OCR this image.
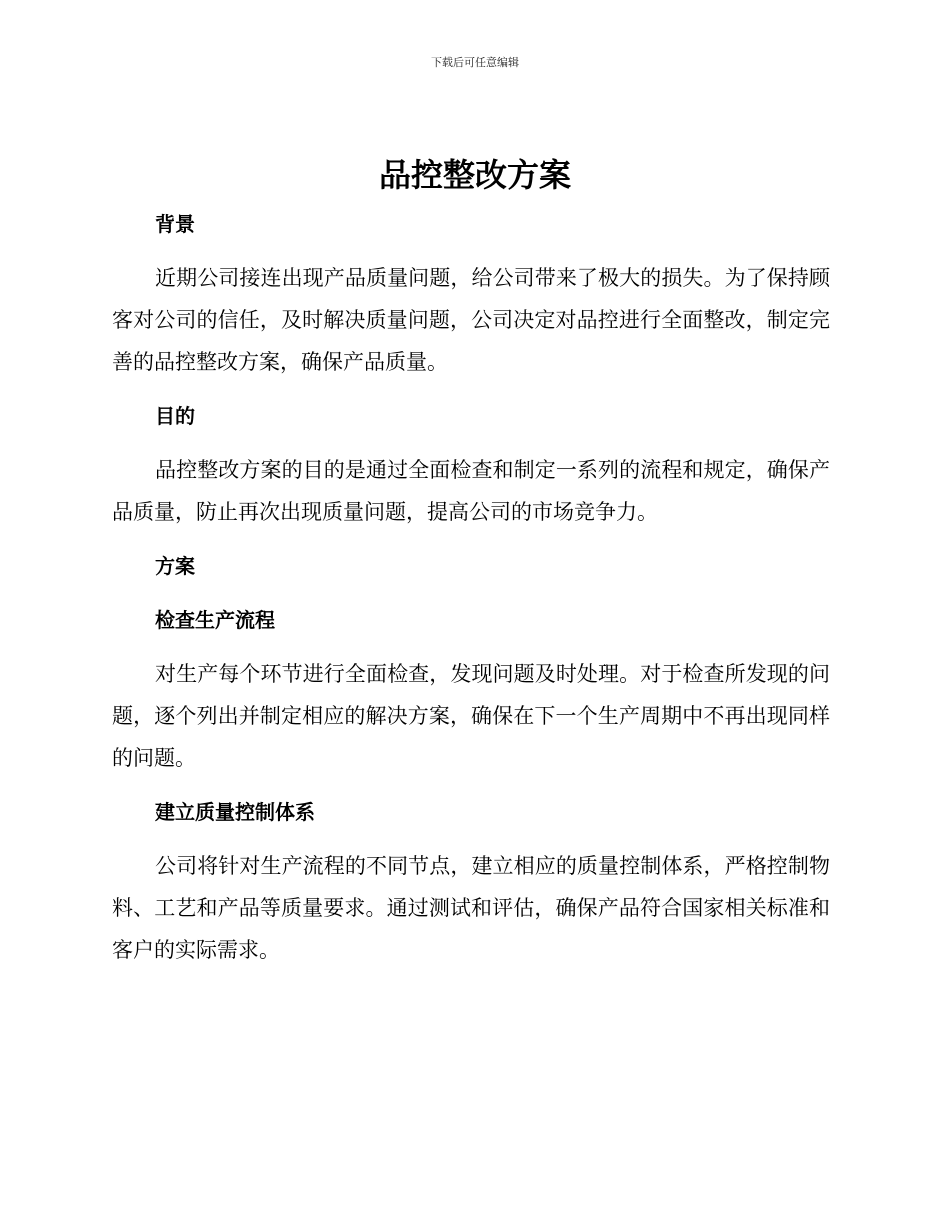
下载后可任意编辑
品控整改方案
背景

近期公司接连出现产品质量问题，给公司带来了极大的损失。为了保持顾客对公司的信任，及时解决质量问题，公司决定对品控进行全面整改，制定完善的品控整改方案，确保产品质量。

目的

品控整改方案的目的是通过全面检查和制定一系列的流程和规定，确保产品质量，防止再次出现质量问题，提高公司的市场竞争力。

方案
检查生产流程

对生产每个环节进行全面检查，发现问题及时处理。对于检查所发现的问题，逐个列出并制定相应的解决方案，确保在下一个生产周期中不再出现同样的问题。

建立质量控制体系

公司将针对生产流程的不同节点，建立相应的质量控制体系，严格控制物料、工艺和产品等质量要求。通过测试和评估，确保产品符合国家相关标准和客户的实际需求。
